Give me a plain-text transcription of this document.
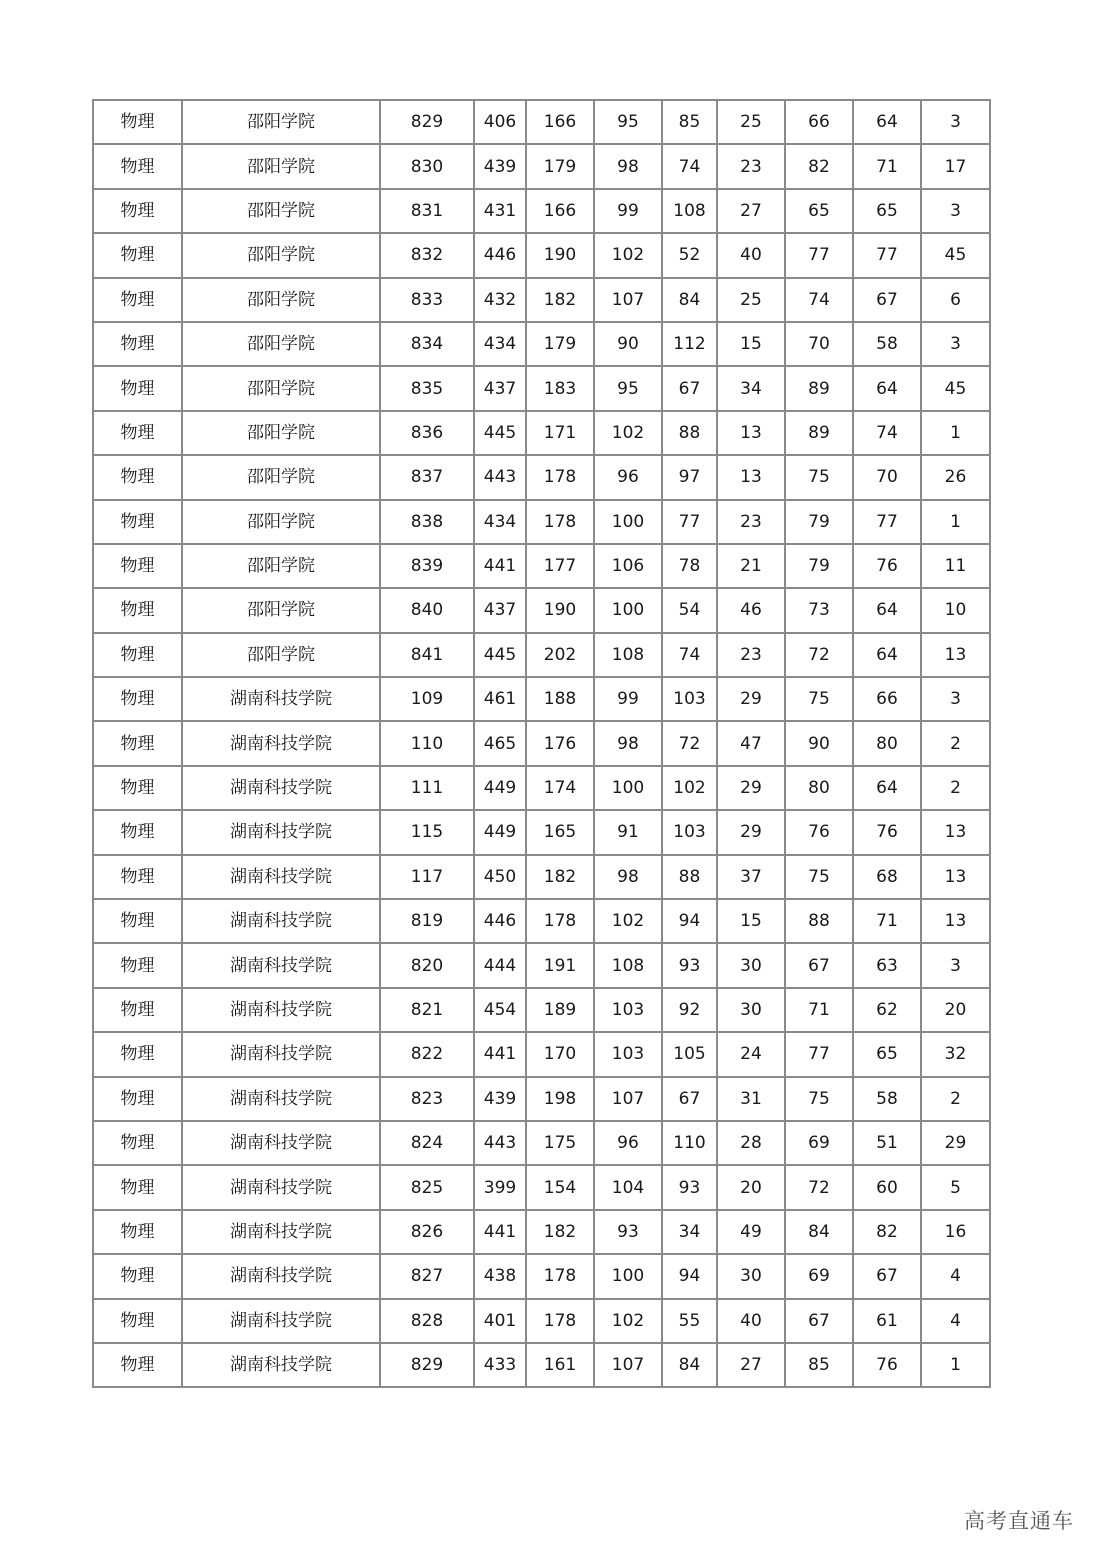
物理	邵阳学院	829	406	166	95	85	25	66	64	3
物理	邵阳学院	830	439	179	98	74	23	82	71	17
物理	邵阳学院	831	431	166	99	108	27	65	65	3
物理	邵阳学院	832	446	190	102	52	40	77	77	45
物理	邵阳学院	833	432	182	107	84	25	74	67	6
物理	邵阳学院	834	434	179	90	112	15	70	58	3
物理	邵阳学院	835	437	183	95	67	34	89	64	45
物理	邵阳学院	836	445	171	102	88	13	89	74	1
物理	邵阳学院	837	443	178	96	97	13	75	70	26
物理	邵阳学院	838	434	178	100	77	23	79	77	1
物理	邵阳学院	839	441	177	106	78	21	79	76	11
物理	邵阳学院	840	437	190	100	54	46	73	64	10
物理	邵阳学院	841	445	202	108	74	23	72	64	13
物理	湖南科技学院	109	461	188	99	103	29	75	66	3
物理	湖南科技学院	110	465	176	98	72	47	90	80	2
物理	湖南科技学院	111	449	174	100	102	29	80	64	2
物理	湖南科技学院	115	449	165	91	103	29	76	76	13
物理	湖南科技学院	117	450	182	98	88	37	75	68	13
物理	湖南科技学院	819	446	178	102	94	15	88	71	13
物理	湖南科技学院	820	444	191	108	93	30	67	63	3
物理	湖南科技学院	821	454	189	103	92	30	71	62	20
物理	湖南科技学院	822	441	170	103	105	24	77	65	32
物理	湖南科技学院	823	439	198	107	67	31	75	58	2
物理	湖南科技学院	824	443	175	96	110	28	69	51	29
物理	湖南科技学院	825	399	154	104	93	20	72	60	5
物理	湖南科技学院	826	441	182	93	34	49	84	82	16
物理	湖南科技学院	827	438	178	100	94	30	69	67	4
物理	湖南科技学院	828	401	178	102	55	40	67	61	4
物理	湖南科技学院	829	433	161	107	84	27	85	76	1
高考直通车
